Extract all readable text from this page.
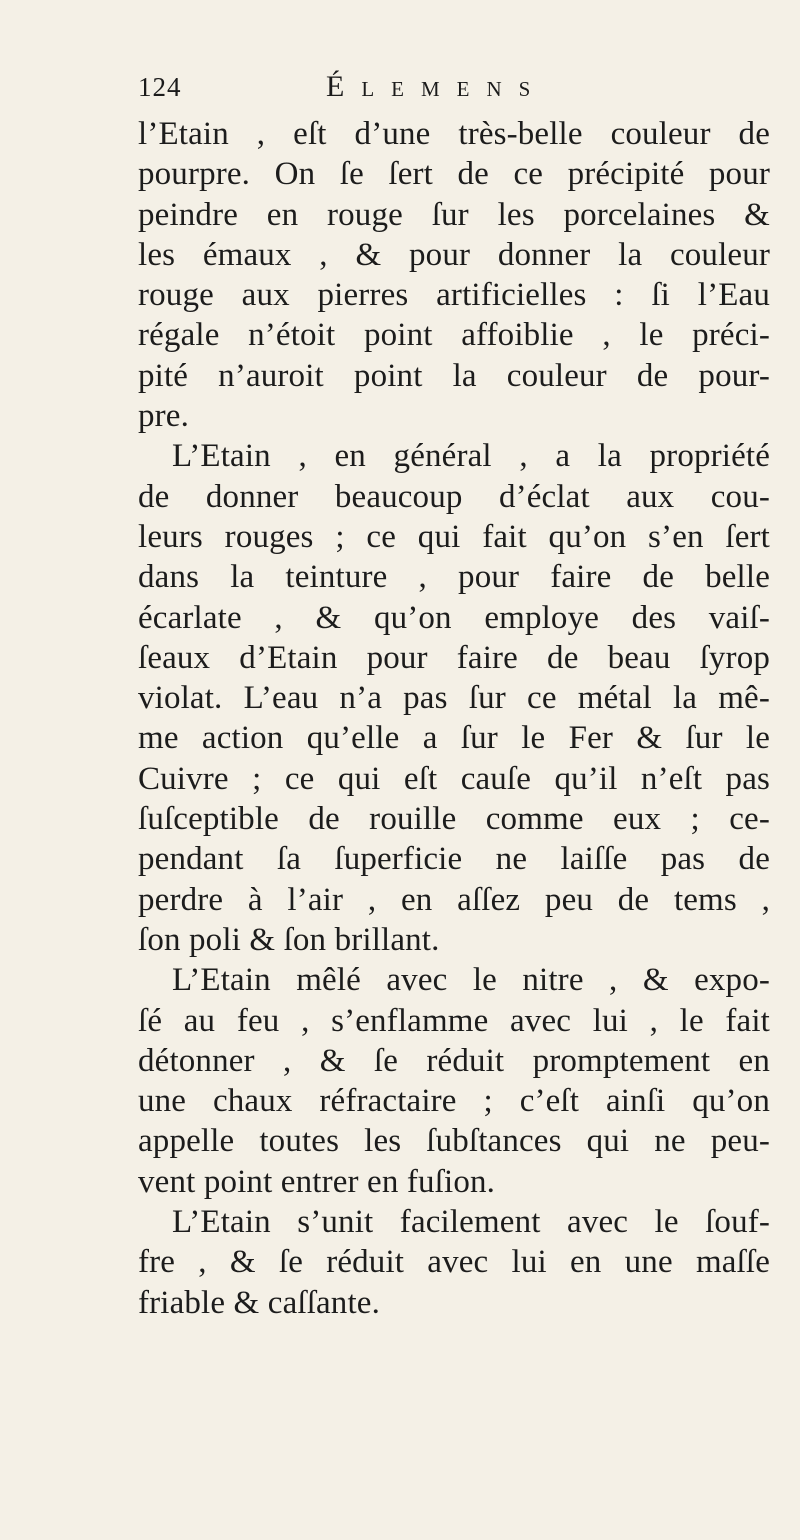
124	Élemens
l’Etain , eſt d’une très-belle couleur de
pourpre. On ſe ſert de ce précipité pour
peindre en rouge ſur les porcelaines &
les émaux , & pour donner la couleur
rouge aux pierres artificielles : ſi l’Eau
régale n’étoit point affoiblie , le préci-
pité n’auroit point la couleur de pour-
pre.
L’Etain , en général , a la propriété
de donner beaucoup d’éclat aux cou-
leurs rouges ; ce qui fait qu’on s’en ſert
dans la teinture , pour faire de belle
écarlate , & qu’on employe des vaiſ-
ſeaux d’Etain pour faire de beau ſyrop
violat. L’eau n’a pas ſur ce métal la mê-
me action qu’elle a ſur le Fer & ſur le
Cuivre ; ce qui eſt cauſe qu’il n’eſt pas
ſuſceptible de rouille comme eux ; ce-
pendant ſa ſuperficie ne laiſſe pas de
perdre à l’air , en aſſez peu de tems ,
ſon poli & ſon brillant.
L’Etain mêlé avec le nitre , & expo-
ſé au feu , s’enflamme avec lui , le fait
détonner , & ſe réduit promptement en
une chaux réfractaire ; c’eſt ainſi qu’on
appelle toutes les ſubſtances qui ne peu-
vent point entrer en fuſion.
L’Etain s’unit facilement avec le ſouf-
fre , & ſe réduit avec lui en une maſſe
friable & caſſante.
